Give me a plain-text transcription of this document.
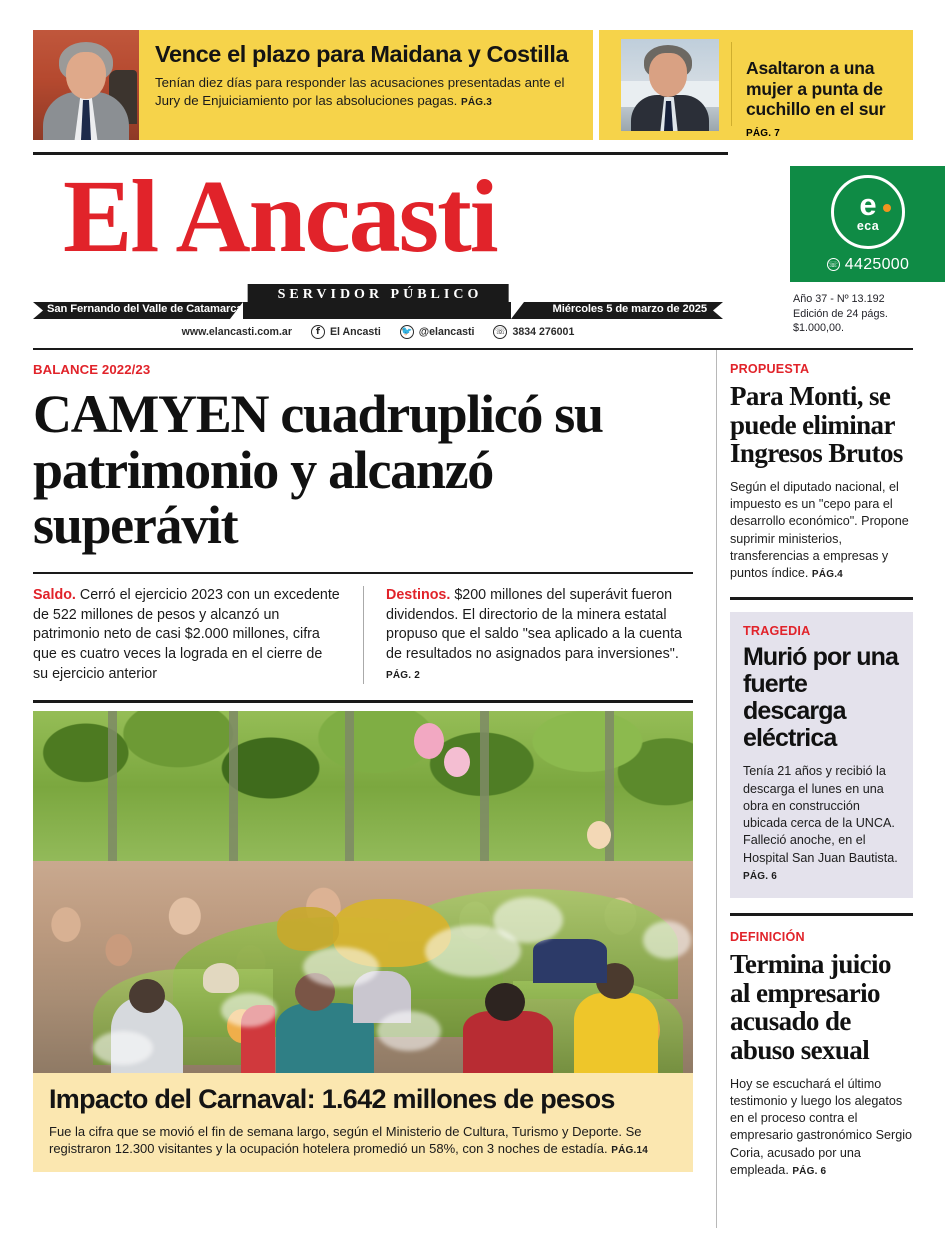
Vence el plazo para Maidana y Costilla
Tenían diez días para responder las acusaciones presentadas ante el Jury de Enjuiciamiento por las absoluciones pagas. PÁG.3
Asaltaron a una mujer a punta de cuchillo en el sur
PÁG. 7
El Ancasti
SERVIDOR PÚBLICO
San Fernando del Valle de Catamarca	Miércoles 5 de marzo de 2025
www.elancasti.com.ar	f El Ancasti 🐦 @elancasti ☏ 3834 276001
e
eca
☏ 4425000
Año 37 - Nº 13.192
Edición de 24 págs.
$1.000,00.
BALANCE 2022/23
CAMYEN cuadruplicó su patrimonio y alcanzó superávit
Saldo. Cerró el ejercicio 2023 con un excedente de 522 millones de pesos y alcanzó un patrimonio neto de casi $2.000 millones, cifra que es cuatro veces la lograda en el cierre de su ejercicio anterior
Destinos. $200 millones del superávit fueron dividendos. El directorio de la minera estatal propuso que el saldo "sea aplicado a la cuenta de resultados no asignados para inversiones". PÁG. 2
Impacto del Carnaval: 1.642 millones de pesos
Fue la cifra que se movió el fin de semana largo, según el Ministerio de Cultura, Turismo y Deporte. Se registraron 12.300 visitantes y la ocupación hotelera promedió un 58%, con 3 noches de estadía. PÁG.14
PROPUESTA
Para Monti, se puede eliminar Ingresos Brutos
Según el diputado nacional, el impuesto es un "cepo para el desarrollo económico". Propone suprimir ministerios, transferencias a empresas y puntos índice. PÁG.4
TRAGEDIA
Murió por una fuerte descarga eléctrica
Tenía 21 años y recibió la descarga el lunes en una obra en construcción ubicada cerca de la UNCA. Falleció anoche, en el Hospital San Juan Bautista. PÁG. 6
DEFINICIÓN
Termina juicio al empresario acusado de abuso sexual
Hoy se escuchará el último testimonio y luego los alegatos en el proceso contra el empresario gastronómico Sergio Coria, acusado por una empleada. PÁG. 6
